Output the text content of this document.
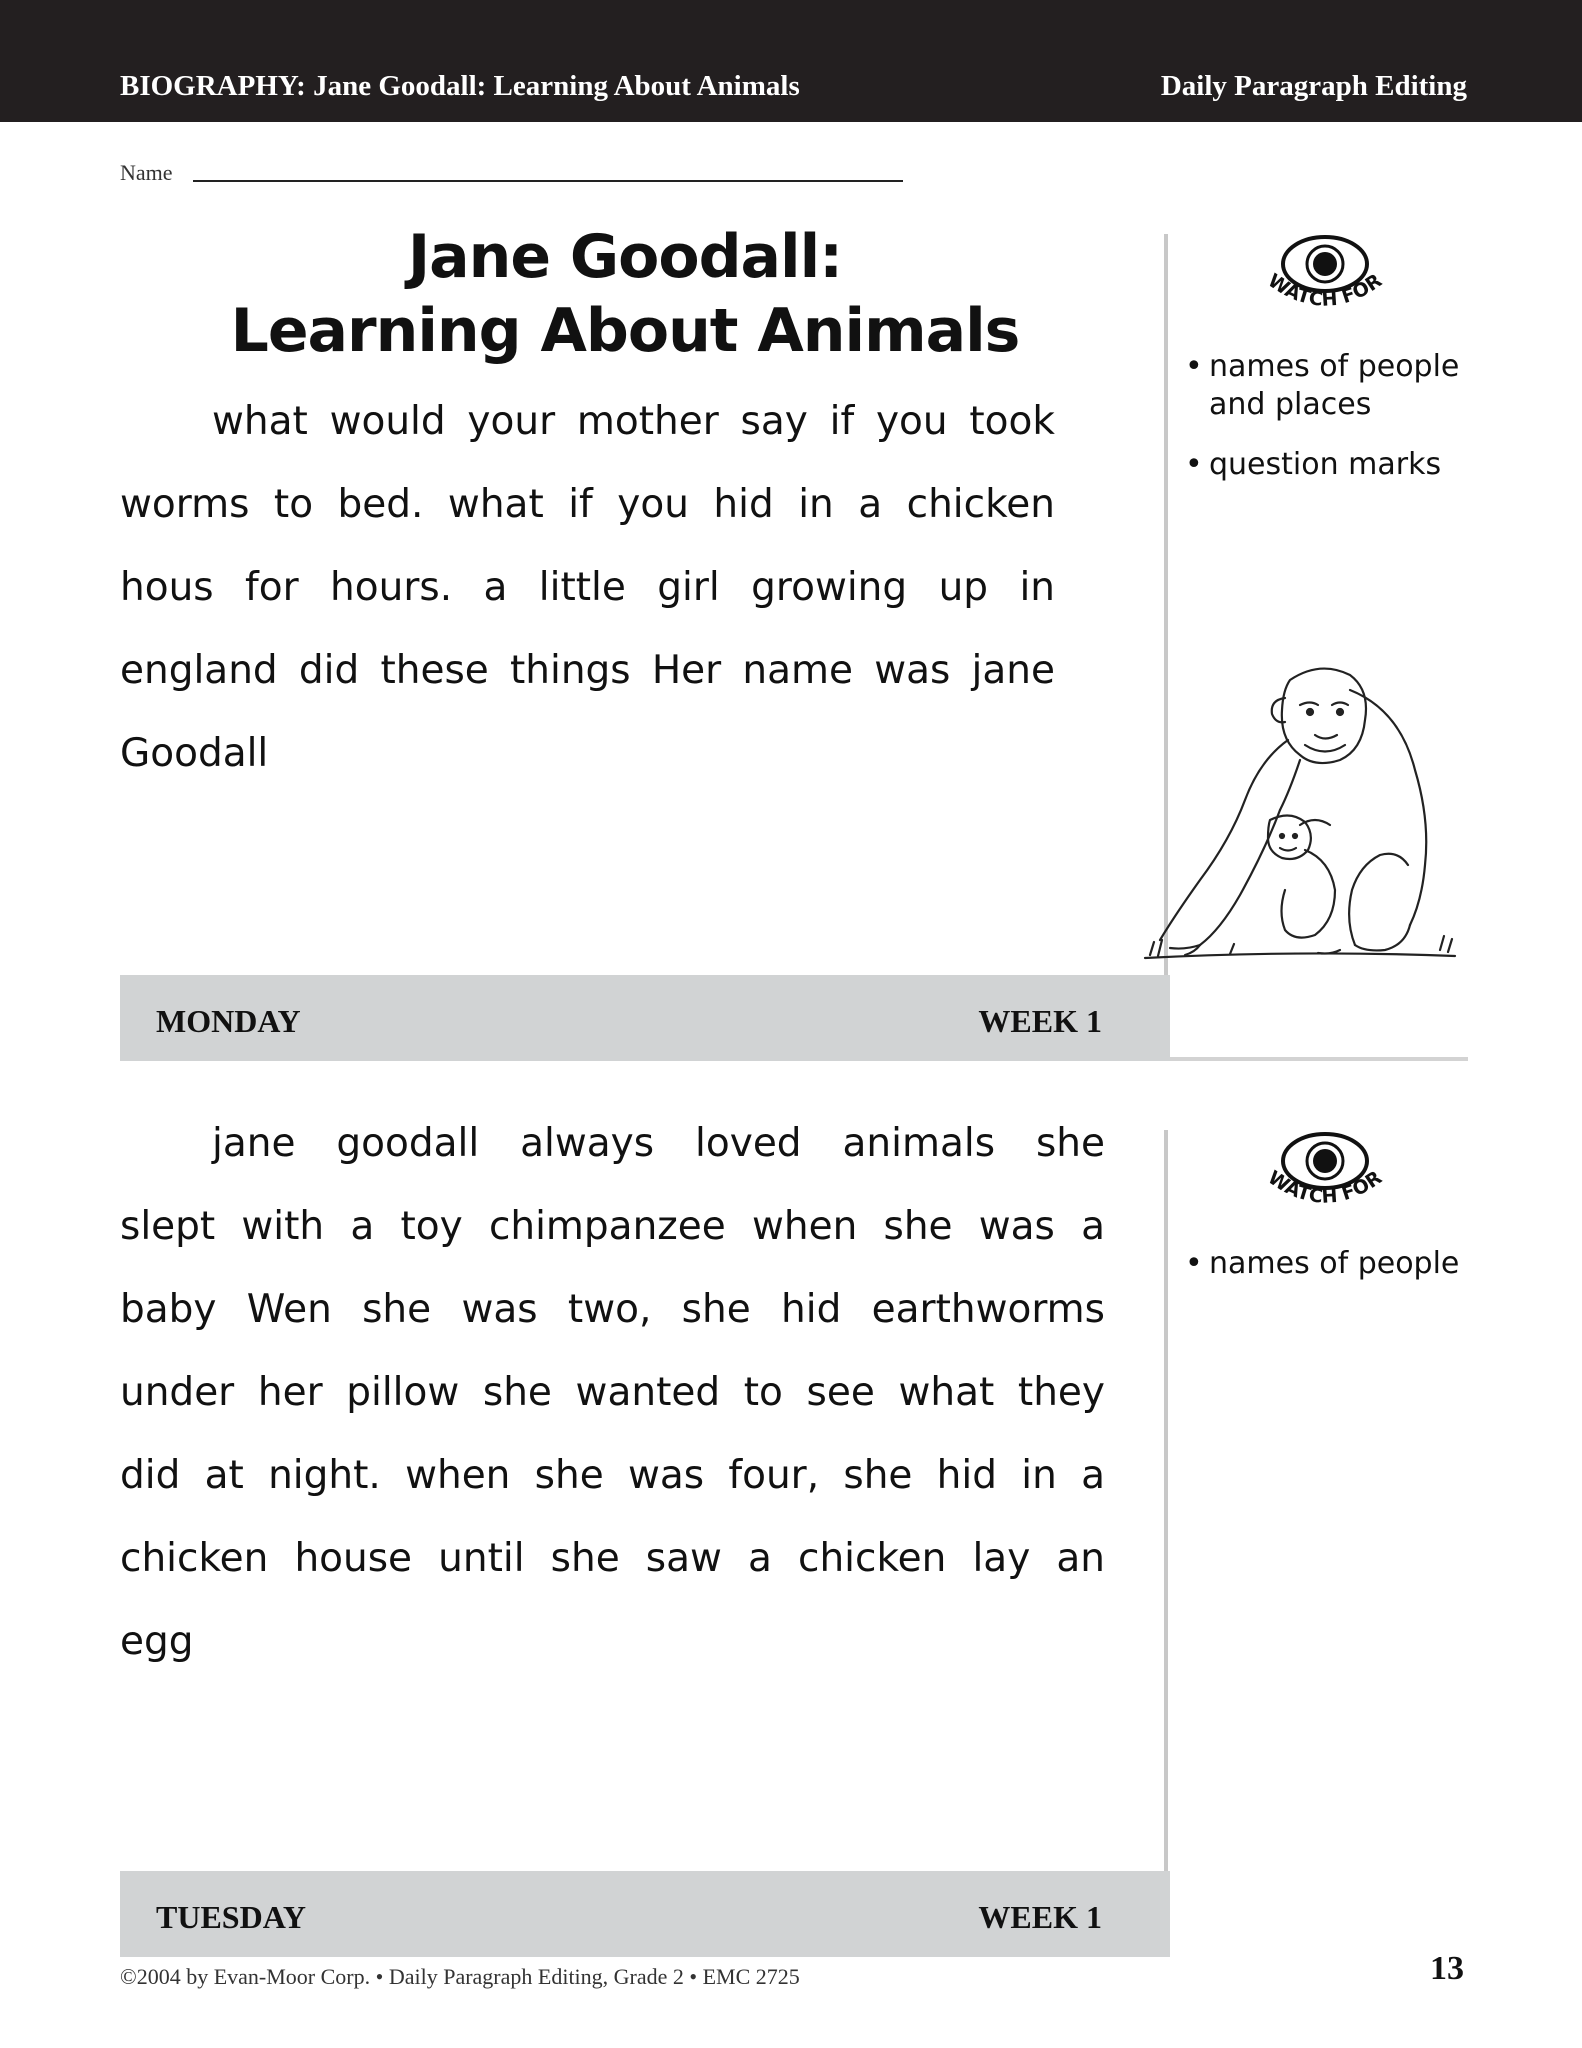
BIOGRAPHY: Jane Goodall: Learning About Animals	Daily Paragraph Editing
Name
Jane Goodall:
Learning About Animals
what would your mother say if you took worms to bed. what if you hid in a chicken hous for hours. a little girl growing up in england did these things Her name was jane Goodall
WATCH FOR
• names of people and places
• question marks
MONDAY	WEEK 1
jane goodall always loved animals she slept with a toy chimpanzee when she was a baby Wen she was two, she hid earthworms under her pillow she wanted to see what they did at night. when she was four, she hid in a chicken house until she saw a chicken lay an egg
WATCH FOR
• names of people
TUESDAY	WEEK 1
©2004 by Evan-Moor Corp. • Daily Paragraph Editing, Grade 2 • EMC 2725	13
